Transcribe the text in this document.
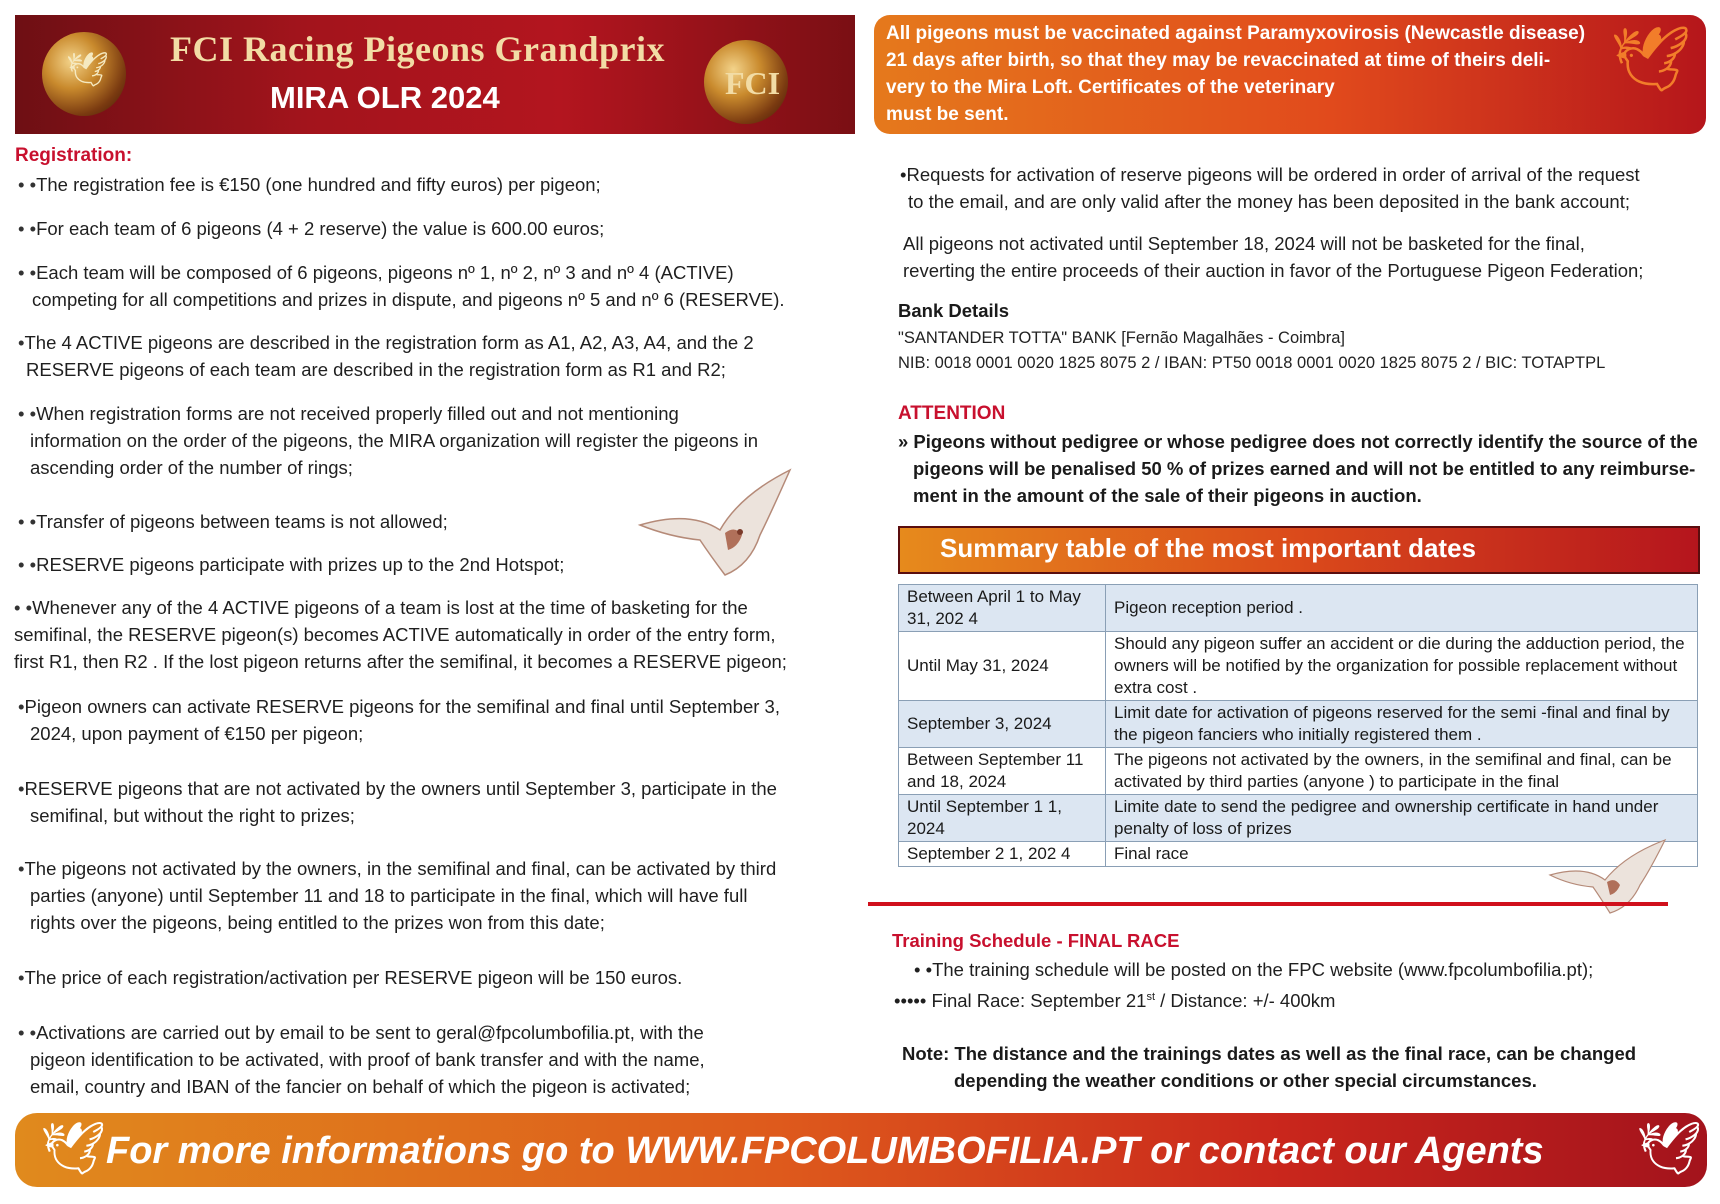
🕊
FCI Racing Pigeons Grandprix
MIRA OLR 2024	FCI
All pigeons must be vaccinated against Paramyxovirosis (Newcastle disease)
21 days after birth, so that they may be revaccinated at time of theirs deli-
very to the Mira Loft. Certificates of the veterinary
must be sent.
🕊
Registration:
• •The registration fee is €150 (one hundred and fifty euros) per pigeon;
• •For each team of 6 pigeons (4 + 2 reserve) the value is 600.00 euros;
• •Each team will be composed of 6 pigeons, pigeons nº 1, nº 2, nº 3 and nº 4 (ACTIVE)
competing for all competitions and prizes in dispute, and pigeons nº 5 and nº 6 (RESERVE).
•The 4 ACTIVE pigeons are described in the registration form as A1, A2, A3, A4, and the 2
RESERVE pigeons of each team are described in the registration form as R1 and R2;
• •When registration forms are not received properly filled out and not mentioning
information on the order of the pigeons, the MIRA organization will register the pigeons in
ascending order of the number of rings;
• •Transfer of pigeons between teams is not allowed;
• •RESERVE pigeons participate with prizes up to the 2nd Hotspot;
• •Whenever any of the 4 ACTIVE pigeons of a team is lost at the time of basketing for the
semifinal, the RESERVE pigeon(s) becomes ACTIVE automatically in order of the entry form,
first R1, then R2 . If the lost pigeon returns after the semifinal, it becomes a RESERVE pigeon;
•Pigeon owners can activate RESERVE pigeons for the semifinal and final until September 3,
2024, upon payment of €150 per pigeon;
•RESERVE pigeons that are not activated by the owners until September 3, participate in the
semifinal, but without the right to prizes;
•The pigeons not activated by the owners, in the semifinal and final, can be activated by third
parties (anyone) until September 11 and 18 to participate in the final, which will have full
rights over the pigeons, being entitled to the prizes won from this date;
•The price of each registration/activation per RESERVE pigeon will be 150 euros.
• •Activations are carried out by email to be sent to geral@fpcolumbofilia.pt, with the
pigeon identification to be activated, with proof of bank transfer and with the name,
email, country and IBAN of the fancier on behalf of which the pigeon is activated;
•Requests for activation of reserve pigeons will be ordered in order of arrival of the request
to the email, and are only valid after the money has been deposited in the bank account;
All pigeons not activated until September 18, 2024 will not be basketed for the final,
reverting the entire proceeds of their auction in favor of the Portuguese Pigeon Federation;
Bank Details
"SANTANDER TOTTA" BANK [Fernão Magalhães - Coimbra]
NIB: 0018 0001 0020 1825 8075 2 / IBAN: PT50 0018 0001 0020 1825 8075 2 / BIC: TOTAPTPL
ATTENTION
» Pigeons without pedigree or whose pedigree does not correctly identify the source of the
pigeons will be penalised 50 % of prizes earned and will not be entitled to any reimburse-
ment in the amount of the sale of their pigeons in auction.
Summary table of the most important dates
Between April 1 to May 31, 202 4	Pigeon reception period .
Until May 31, 2024	Should any pigeon suffer an accident or die during the adduction period, the owners will be notified by the organization for possible replacement without extra cost .
September 3, 2024	Limit date for activation of pigeons reserved for the semi -final and final by the pigeon fanciers who initially registered them .
Between September 11 and 18, 2024	The pigeons not activated by the owners, in the semifinal and final, can be activated by third parties (anyone ) to participate in the final
Until September 1 1, 2024	Limite date to send the pedigree and ownership certificate in hand under penalty of loss of prizes
September 2 1, 202 4	Final race
Training Schedule - FINAL RACE
• •The training schedule will be posted on the FPC website (www.fpcolumbofilia.pt);
••••• Final Race: September 21st / Distance: +/- 400km
Note: The distance and the trainings dates as well as the final race, can be changed
depending the weather conditions or other special circumstances.
🕊 For more informations go to WWW.FPCOLUMBOFILIA.PT or contact our Agents 🕊
